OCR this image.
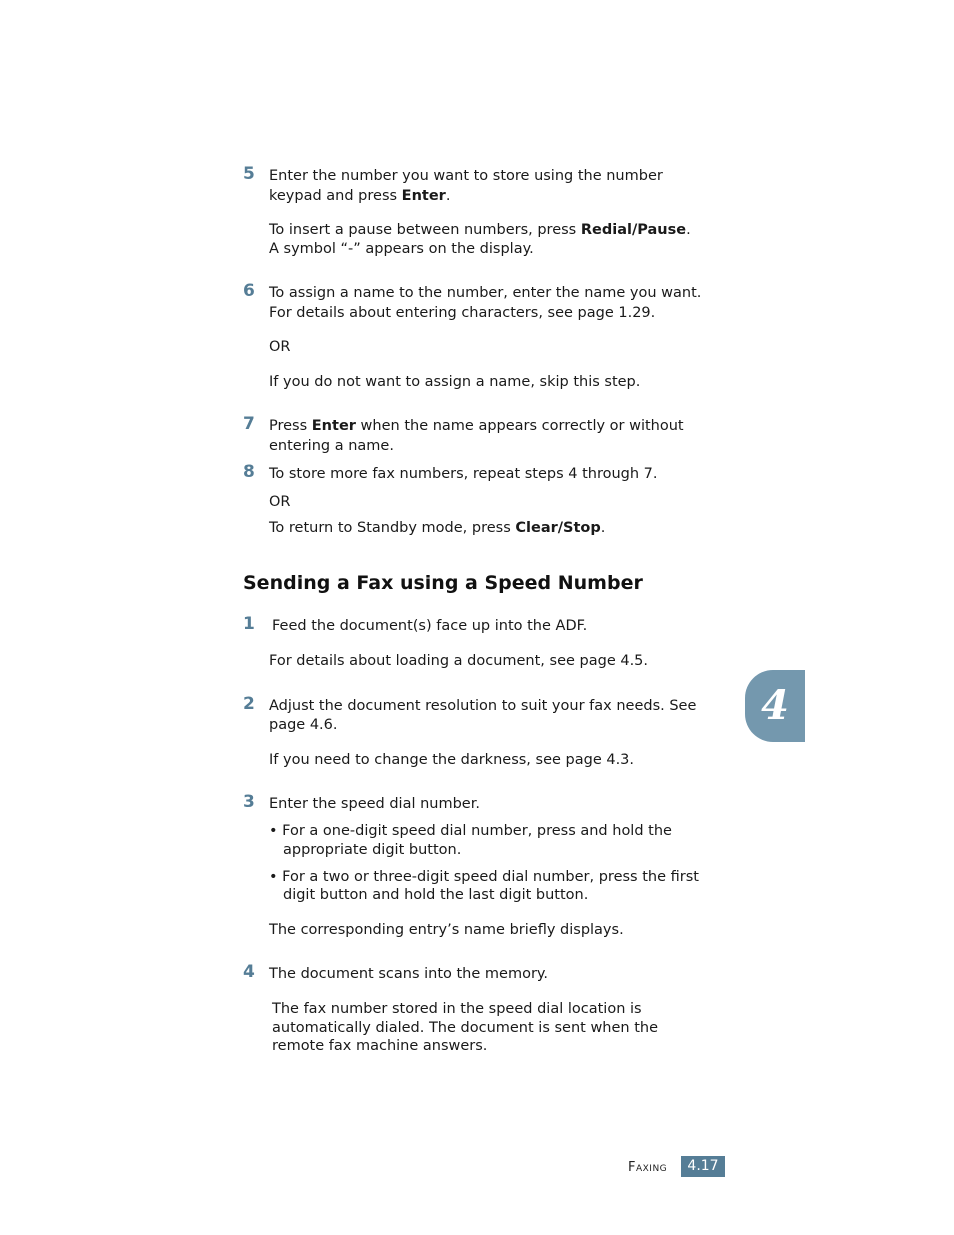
5 Enter the number you want to store using the number
keypad and press Enter.
To insert a pause between numbers, press Redial/Pause.
A symbol “-” appears on the display.
6 To assign a name to the number, enter the name you want.
For details about entering characters, see page 1.29.
OR
If you do not want to assign a name, skip this step.
7 Press Enter when the name appears correctly or without
entering a name.
8 To store more fax numbers, repeat steps 4 through 7.
OR
To return to Standby mode, press Clear/Stop.
Sending a Fax using a Speed Number
1 Feed the document(s) face up into the ADF.
For details about loading a document, see page 4.5.
2 Adjust the document resolution to suit your fax needs. See
page 4.6.
If you need to change the darkness, see page 4.3.
3 Enter the speed dial number.
• For a one-digit speed dial number, press and hold the
appropriate digit button.
• For a two or three-digit speed dial number, press the first
digit button and hold the last digit button.
The corresponding entry’s name briefly displays.
4 The document scans into the memory.
The fax number stored in the speed dial location is
automatically dialed. The document is sent when the
remote fax machine answers.
4
Faxing	4.17
